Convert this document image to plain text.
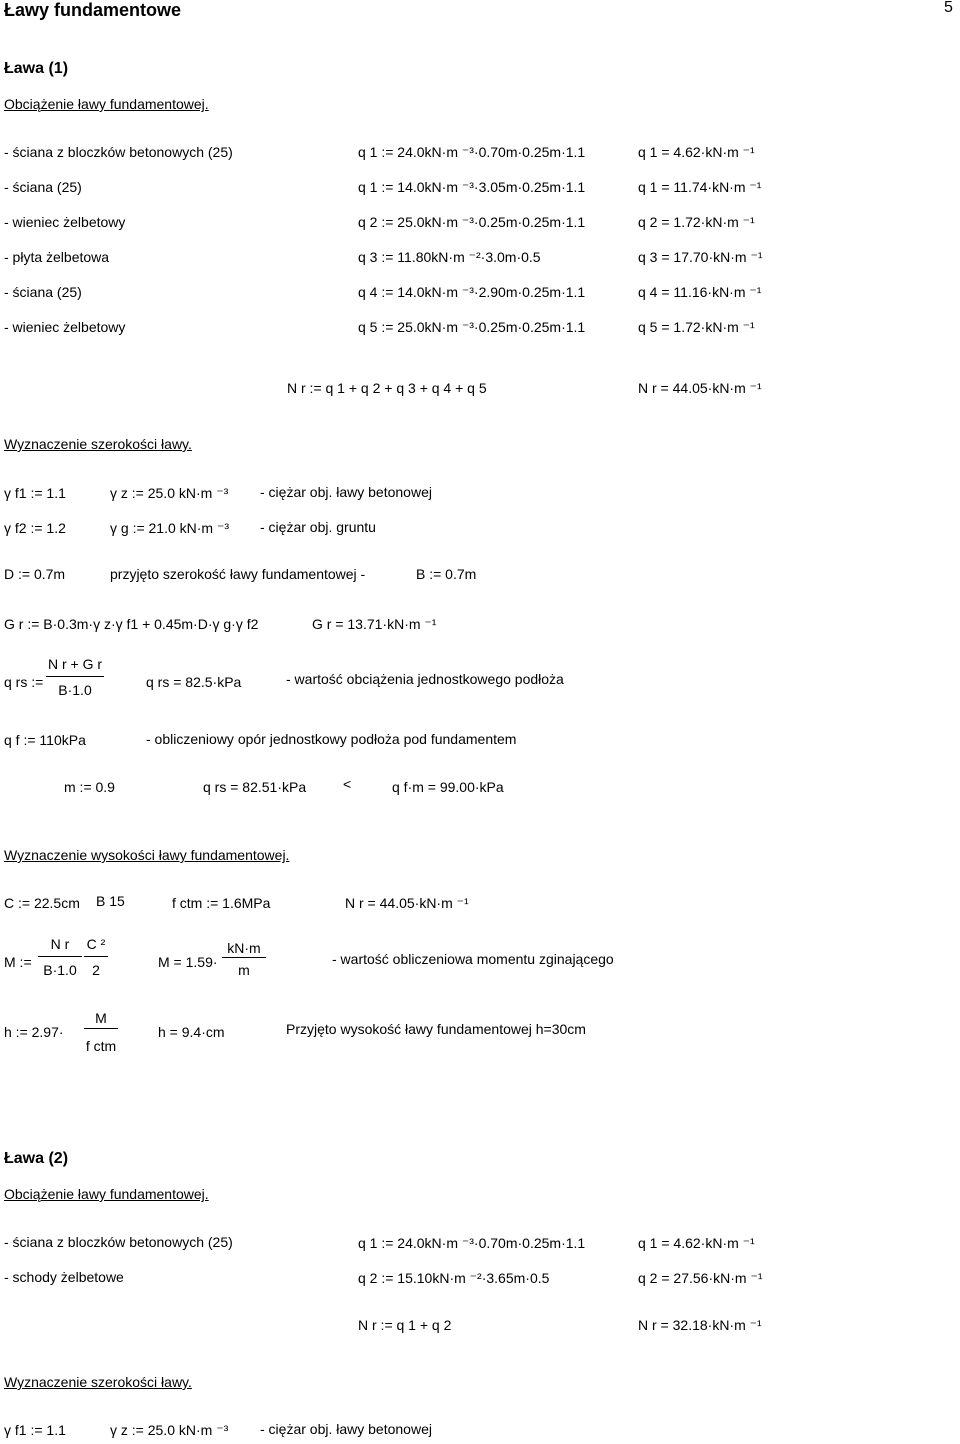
Ławy fundamentowe	5
Ława (1)
Obciążenie ławy fundamentowej.
- ściana z bloczków betonowych (25)	q 1 := 24.0kN·m ⁻³·0.70m·0.25m·1.1	q 1 = 4.62·kN·m ⁻¹
- ściana (25)	q 1 := 14.0kN·m ⁻³·3.05m·0.25m·1.1	q 1 = 11.74·kN·m ⁻¹
- wieniec żelbetowy	q 2 := 25.0kN·m ⁻³·0.25m·0.25m·1.1	q 2 = 1.72·kN·m ⁻¹
- płyta żelbetowa	q 3 := 11.80kN·m ⁻²·3.0m·0.5	q 3 = 17.70·kN·m ⁻¹
- ściana (25)	q 4 := 14.0kN·m ⁻³·2.90m·0.25m·1.1	q 4 = 11.16·kN·m ⁻¹
- wieniec żelbetowy	q 5 := 25.0kN·m ⁻³·0.25m·0.25m·1.1	q 5 = 1.72·kN·m ⁻¹
N r := q 1 + q 2 + q 3 + q 4 + q 5	N r = 44.05·kN·m ⁻¹
Wyznaczenie szerokości ławy.
γ f1 := 1.1	γ z := 25.0 kN·m ⁻³ - ciężar obj. ławy betonowej
γ f2 := 1.2	γ g := 21.0 kN·m ⁻³ - ciężar obj. gruntu
D := 0.7m	przyjęto szerokość ławy fundamentowej -	B := 0.7m
G r := B·0.3m·γ z·γ f1 + 0.45m·D·γ g·γ f2	G r = 13.71·kN·m ⁻¹
q rs :=
N r + G r
B·1.0	q rs = 82.5·kPa	- wartość obciążenia jednostkowego podłoża
q f := 110kPa	- obliczeniowy opór jednostkowy podłoża pod fundamentem
m := 0.9	q rs = 82.51·kPa	<	q f·m = 99.00·kPa
Wyznaczenie wysokości ławy fundamentowej.
C := 22.5cm B 15	f ctm := 1.6MPa	N r = 44.05·kN·m ⁻¹
M :=
N r
B·1.0
C ²
2	M = 1.59·
kN·m
m
- wartość obliczeniowa momentu zginającego
h := 2.97·
M
f ctm
h = 9.4·cm	Przyjęto wysokość ławy fundamentowej h=30cm
Ława (2)
Obciążenie ławy fundamentowej.
- ściana z bloczków betonowych (25)	q 1 := 24.0kN·m ⁻³·0.70m·0.25m·1.1	q 1 = 4.62·kN·m ⁻¹
- schody żelbetowe	q 2 := 15.10kN·m ⁻²·3.65m·0.5	q 2 = 27.56·kN·m ⁻¹
N r := q 1 + q 2	N r = 32.18·kN·m ⁻¹
Wyznaczenie szerokości ławy.
γ f1 := 1.1	γ z := 25.0 kN·m ⁻³ - ciężar obj. ławy betonowej
